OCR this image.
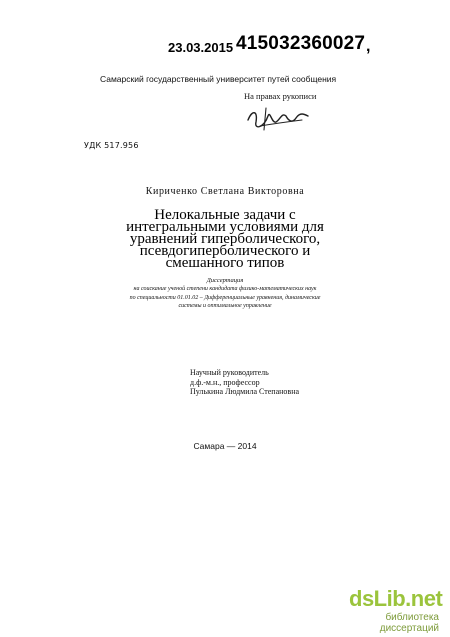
23.03.2015 415032360027 ,
Самарский государственный университет путей сообщения
На правах рукописи
УДК 517.956
Кириченко Светлана Викторовна
Нелокальные задачи с
интегральными условиями для
уравнений гиперболического,
псевдогиперболического и
смешанного типов
Диссертация
на соискание ученой степени кандидата физико-математических наук
по специальности 01.01.02 – Дифференциальные уравнения, динамические
системы и оптимальное управление
Научный руководитель
д.ф.-м.н., профессор
Пулькина Людмила Степановна
Самара — 2014
dsLib.net
библиотека диссертаций
